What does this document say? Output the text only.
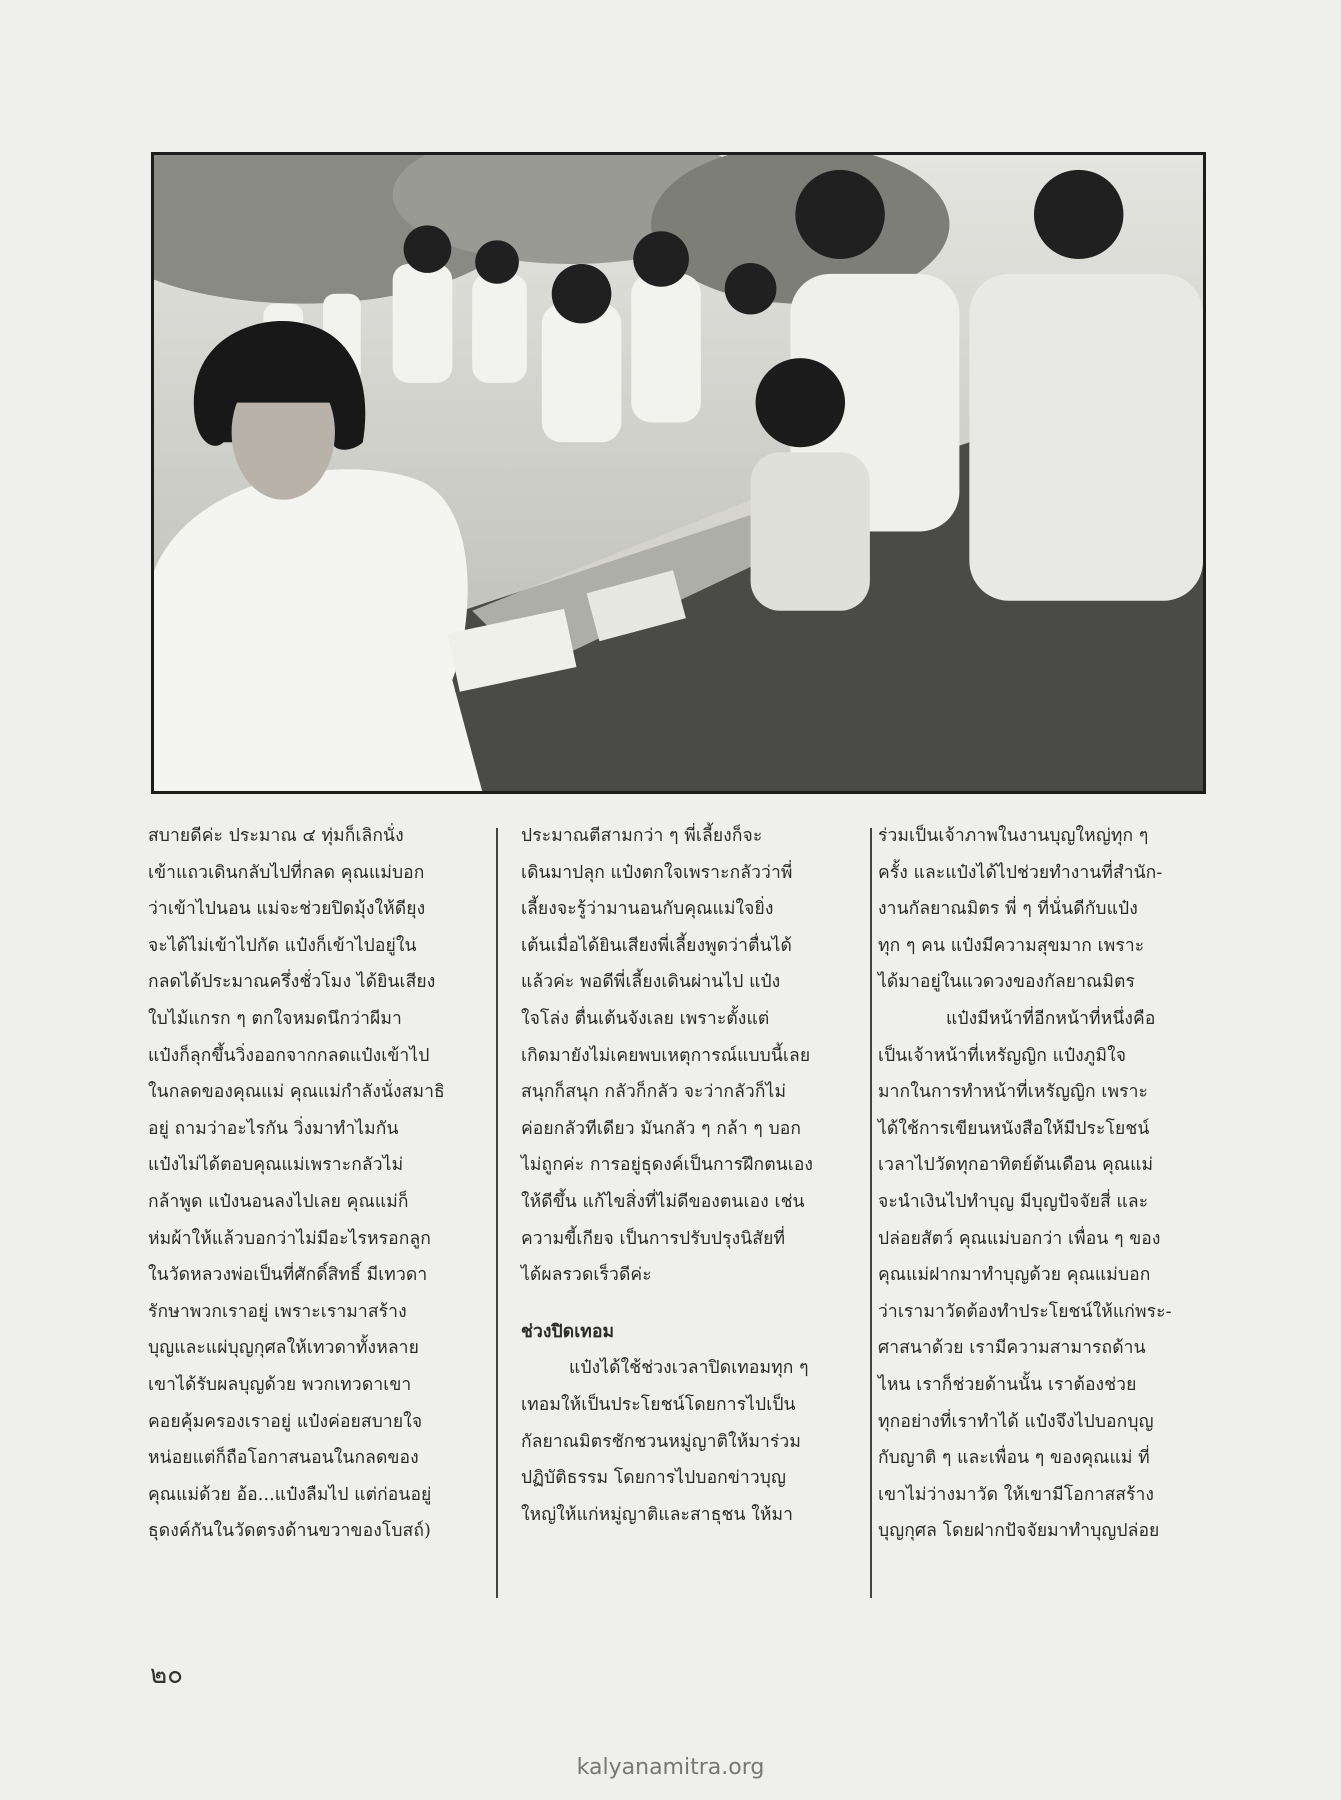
สบายดีค่ะ ประมาณ ๔ ทุ่มก็เลิกนั่ง

เข้าแถวเดินกลับไปที่กลด คุณแม่บอก

ว่าเข้าไปนอน แม่จะช่วยปิดมุ้งให้ดียุง

จะได้ไม่เข้าไปกัด แป๋งก็เข้าไปอยู่ใน

กลดได้ประมาณครึ่งชั่วโมง ได้ยินเสียง

ใบไม้แกรก ๆ ตกใจหมดนึกว่าผีมา

แป๋งก็ลุกขึ้นวิ่งออกจากกลดแป๋งเข้าไป

ในกลดของคุณแม่ คุณแม่กำลังนั่งสมาธิ

อยู่ ถามว่าอะไรกัน วิ่งมาทำไมกัน

แป๋งไม่ได้ตอบคุณแม่เพราะกลัวไม่

กล้าพูด แป๋งนอนลงไปเลย คุณแม่ก็

ห่มผ้าให้แล้วบอกว่าไม่มีอะไรหรอกลูก

ในวัดหลวงพ่อเป็นที่ศักดิ์สิทธิ์ มีเทวดา

รักษาพวกเราอยู่ เพราะเรามาสร้าง

บุญและแผ่บุญกุศลให้เทวดาทั้งหลาย

เขาได้รับผลบุญด้วย พวกเทวดาเขา

คอยคุ้มครองเราอยู่ แป๋งค่อยสบายใจ

หน่อยแต่ก็ถือโอกาสนอนในกลดของ

คุณแม่ด้วย อ้อ...แป๋งลืมไป แต่ก่อนอยู่

ธุดงค์กันในวัดตรงด้านขวาของโบสถ์)

ประมาณตีสามกว่า ๆ พี่เลี้ยงก็จะ

เดินมาปลุก แป๋งตกใจเพราะกลัวว่าพี่

เลี้ยงจะรู้ว่ามานอนกับคุณแม่ใจยิ่ง

เต้นเมื่อได้ยินเสียงพี่เลี้ยงพูดว่าตื่นได้

แล้วค่ะ พอดีพี่เลี้ยงเดินผ่านไป แป๋ง

ใจโล่ง ตื่นเต้นจังเลย เพราะตั้งแต่

เกิดมายังไม่เคยพบเหตุการณ์แบบนี้เลย

สนุกก็สนุก กลัวก็กลัว จะว่ากลัวก็ไม่

ค่อยกลัวทีเดียว มันกลัว ๆ กล้า ๆ บอก

ไม่ถูกค่ะ การอยู่ธุดงค์เป็นการฝึกตนเอง

ให้ดีขึ้น แก้ไขสิ่งที่ไม่ดีของตนเอง เช่น

ความขี้เกียจ เป็นการปรับปรุงนิสัยที่

ได้ผลรวดเร็วดีค่ะ

ช่วงปิดเทอม

แป๋งได้ใช้ช่วงเวลาปิดเทอมทุก ๆ

เทอมให้เป็นประโยชน์โดยการไปเป็น

กัลยาณมิตรชักชวนหมู่ญาติให้มาร่วม

ปฏิบัติธรรม โดยการไปบอกข่าวบุญ

ใหญ่ให้แก่หมู่ญาติและสาธุชน ให้มา

ร่วมเป็นเจ้าภาพในงานบุญใหญ่ทุก ๆ

ครั้ง และแป๋งได้ไปช่วยทำงานที่สำนัก-

งานกัลยาณมิตร พี่ ๆ ที่นั่นดีกับแป๋ง

ทุก ๆ คน แป๋งมีความสุขมาก เพราะ

ได้มาอยู่ในแวดวงของกัลยาณมิตร

แป๋งมีหน้าที่อีกหน้าที่หนึ่งคือ

เป็นเจ้าหน้าที่เหรัญญิก แป๋งภูมิใจ

มากในการทำหน้าที่เหรัญญิก เพราะ

ได้ใช้การเขียนหนังสือให้มีประโยชน์

เวลาไปวัดทุกอาทิตย์ต้นเดือน คุณแม่

จะนำเงินไปทำบุญ มีบุญปัจจัยสี่ และ

ปล่อยสัตว์ คุณแม่บอกว่า เพื่อน ๆ ของ

คุณแม่ฝากมาทำบุญด้วย คุณแม่บอก

ว่าเรามาวัดต้องทำประโยชน์ให้แก่พระ-

ศาสนาด้วย เรามีความสามารถด้าน

ไหน เราก็ช่วยด้านนั้น เราต้องช่วย

ทุกอย่างที่เราทำได้ แป๋งจึงไปบอกบุญ

กับญาติ ๆ และเพื่อน ๆ ของคุณแม่ ที่

เขาไม่ว่างมาวัด ให้เขามีโอกาสสร้าง

บุญกุศล โดยฝากปัจจัยมาทำบุญปล่อย

๒๐
kalyanamitra.org
